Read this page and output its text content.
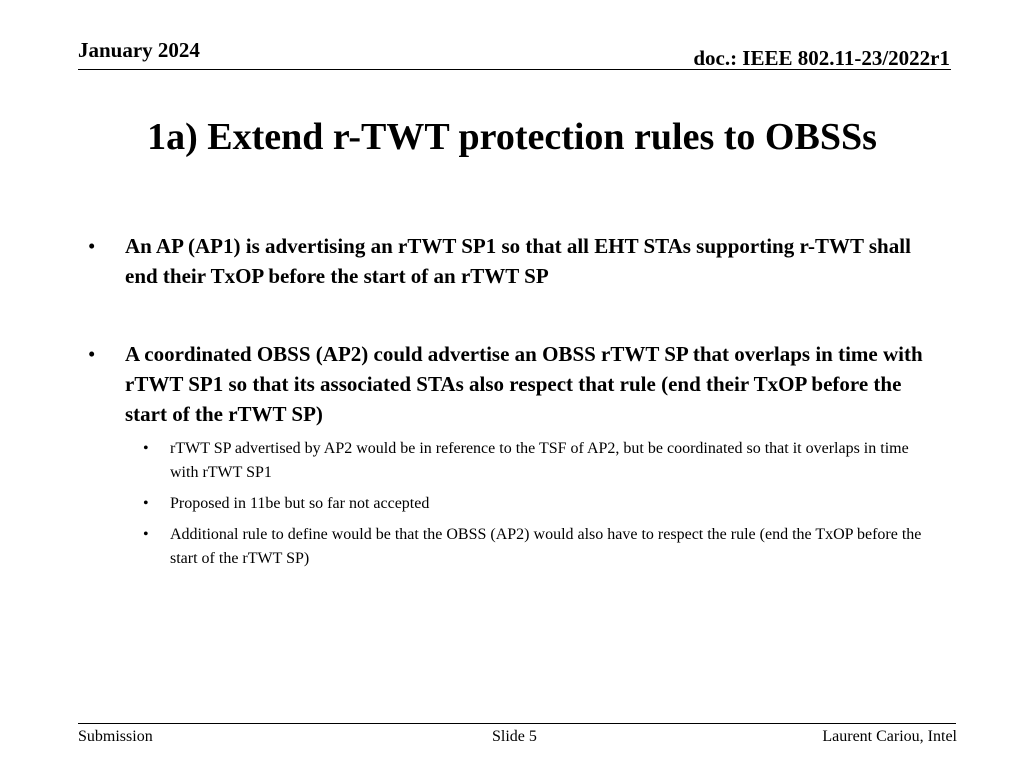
January 2024	doc.: IEEE 802.11-23/2022r1
1a) Extend r-TWT protection rules to OBSSs
• An AP (AP1) is advertising an rTWT SP1 so that all EHT STAs supporting r-TWT shall end their TxOP before the start of an rTWT SP
• A coordinated OBSS (AP2) could advertise an OBSS rTWT SP that overlaps in time with rTWT SP1 so that its associated STAs also respect that rule (end their TxOP before the start of the rTWT SP)
• rTWT SP advertised by AP2 would be in reference to the TSF of AP2, but be coordinated so that it overlaps in time with rTWT SP1
• Proposed in 11be but so far not accepted
• Additional rule to define would be that the OBSS (AP2) would also have to respect the rule (end the TxOP before the start of the rTWT SP)
Submission	Slide 5	Laurent Cariou, Intel
